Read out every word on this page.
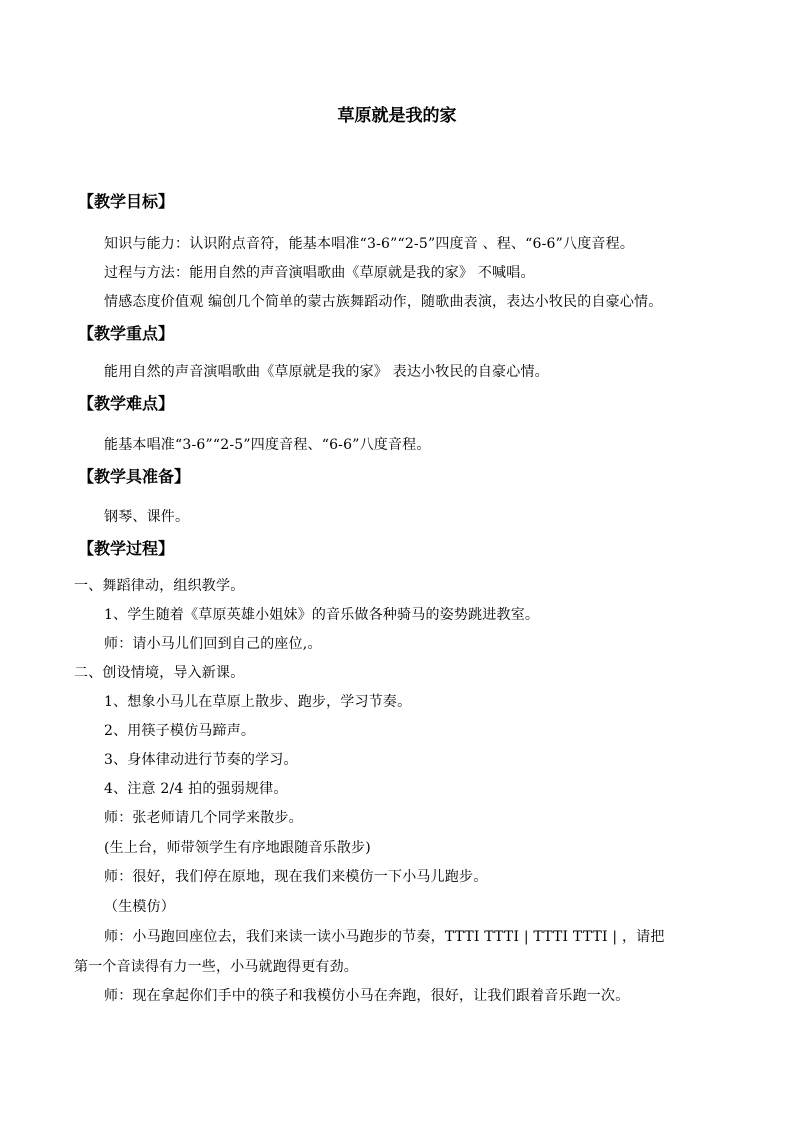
草原就是我的家
【教学目标】
知识与能力：认识附点音符，能基本唱准“3-6”“2-5”四度音 、程、“6-6”八度音程。
过程与方法：能用自然的声音演唱歌曲《草原就是我的家》 不喊唱。
情感态度价值观 编创几个简单的蒙古族舞蹈动作，随歌曲表演，表达小牧民的自豪心情。
【教学重点】
能用自然的声音演唱歌曲《草原就是我的家》 表达小牧民的自豪心情。
【教学难点】
能基本唱准“3-6”“2-5”四度音程、“6-6”八度音程。
【教学具准备】
钢琴、课件。
【教学过程】
一、舞蹈律动，组织教学。
1、学生随着《草原英雄小姐妹》的音乐做各种骑马的姿势跳进教室。
师：请小马儿们回到自己的座位,。
二、创设情境，导入新课。
1、想象小马儿在草原上散步、跑步，学习节奏。
2、用筷子模仿马蹄声。
3、身体律动进行节奏的学习。
4、注意 2/4 拍的强弱规律。
师：张老师请几个同学来散步。
(生上台，师带领学生有序地跟随音乐散步)
师：很好，我们停在原地，现在我们来模仿一下小马儿跑步。
（生模仿）
师：小马跑回座位去，我们来读一读小马跑步的节奏，TTTI TTTI | TTTI TTTI | ，请把
第一个音读得有力一些，小马就跑得更有劲。
师：现在拿起你们手中的筷子和我模仿小马在奔跑，很好，让我们跟着音乐跑一次。
